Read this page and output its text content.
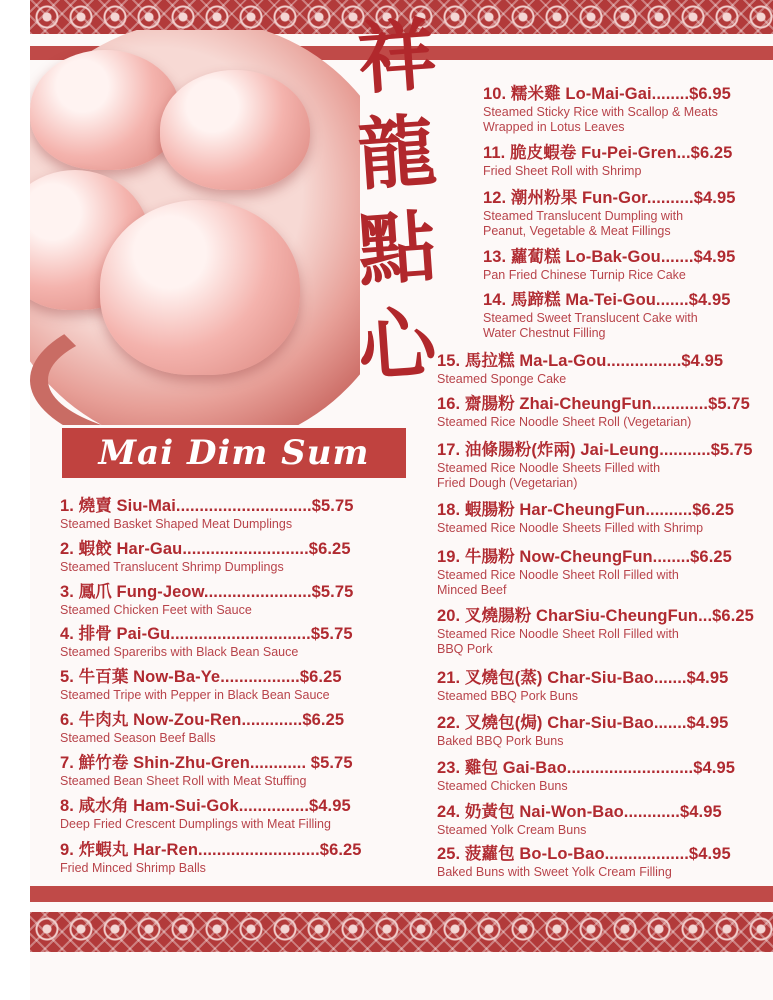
祥
龍
點
心
Mai Dim Sum
1. 燒賣 Siu-Mai.............................$5.75
Steamed Basket Shaped Meat Dumplings
2. 蝦餃 Har-Gau...........................$6.25
Steamed Translucent Shrimp Dumplings
3. 鳳爪 Fung-Jeow.......................$5.75
Steamed Chicken Feet with Sauce
4. 排骨 Pai-Gu..............................$5.75
Steamed Spareribs with Black Bean Sauce
5. 牛百葉 Now-Ba-Ye.................$6.25
Steamed Tripe with Pepper in Black Bean Sauce
6. 牛肉丸 Now-Zou-Ren.............$6.25
Steamed Season Beef Balls
7. 鮮竹卷 Shin-Zhu-Gren............ $5.75
Steamed Bean Sheet Roll with Meat Stuffing
8. 咸水角 Ham-Sui-Gok...............$4.95
Deep Fried Crescent Dumplings with Meat Filling
9. 炸蝦丸 Har-Ren..........................$6.25
Fried Minced Shrimp Balls
10. 糯米雞 Lo-Mai-Gai........$6.95
Steamed Sticky Rice with Scallop & Meats
Wrapped in Lotus Leaves
11. 脆皮蝦卷 Fu-Pei-Gren...$6.25
Fried Sheet Roll with Shrimp
12. 潮州粉果 Fun-Gor..........$4.95
Steamed Translucent Dumpling with
Peanut, Vegetable & Meat Fillings
13. 蘿蔔糕 Lo-Bak-Gou.......$4.95
Pan Fried Chinese Turnip Rice Cake
14. 馬蹄糕 Ma-Tei-Gou.......$4.95
Steamed Sweet Translucent Cake with
Water Chestnut Filling
15. 馬拉糕 Ma-La-Gou................$4.95
Steamed Sponge Cake
16. 齋腸粉 Zhai-CheungFun............$5.75
Steamed Rice Noodle Sheet Roll (Vegetarian)
17. 油條腸粉(炸兩) Jai-Leung...........$5.75
Steamed Rice Noodle Sheets Filled with
Fried Dough (Vegetarian)
18. 蝦腸粉 Har-CheungFun..........$6.25
Steamed Rice Noodle Sheets Filled with Shrimp
19. 牛腸粉 Now-CheungFun........$6.25
Steamed Rice Noodle Sheet Roll Filled with
Minced Beef
20. 叉燒腸粉 CharSiu-CheungFun...$6.25
Steamed Rice Noodle Sheet Roll Filled with
BBQ Pork
21. 叉燒包(蒸) Char-Siu-Bao.......$4.95
Steamed BBQ Pork Buns
22. 叉燒包(焗) Char-Siu-Bao.......$4.95
Baked BBQ Pork Buns
23. 雞包 Gai-Bao...........................$4.95
Steamed Chicken Buns
24. 奶黃包 Nai-Won-Bao............$4.95
Steamed Yolk Cream Buns
25. 菠蘿包 Bo-Lo-Bao..................$4.95
Baked Buns with Sweet Yolk Cream Filling
